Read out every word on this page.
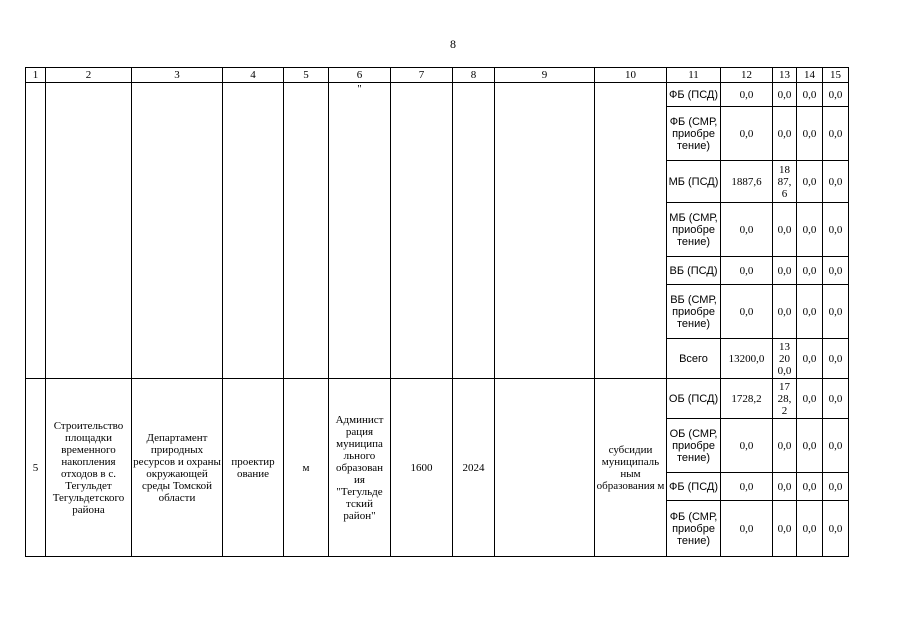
8
1	2	3	4	5	6	7	8	9	10	11	12	13	14	15
					"					ФБ (ПСД)	0,0	0,0	0,0	0,0
										ФБ (СМР, приобре тение)	0,0	0,0	0,0	0,0
										МБ (ПСД)	1887,6	18 87, 6	0,0	0,0
										МБ (СМР, приобре тение)	0,0	0,0	0,0	0,0
										ВБ (ПСД)	0,0	0,0	0,0	0,0
										ВБ (СМР, приобре тение)	0,0	0,0	0,0	0,0
										Всего	13200,0	13 20 0,0	0,0	0,0
5	Строительство площадки временного накопления отходов в с. Тегульдет Тегульдетского района	Департамент природных ресурсов и охраны окружающей среды Томской области	проектир ование	м	Админист рация муниципа льного образован ия "Тегульде тский район"	1600	2024		субсидии муниципаль ным образования м	ОБ (ПСД)	1728,2	17 28, 2	0,0	0,0
										ОБ (СМР, приобре тение)	0,0	0,0	0,0	0,0
										ФБ (ПСД)	0,0	0,0	0,0	0,0
										ФБ (СМР, приобре тение)	0,0	0,0	0,0	0,0
